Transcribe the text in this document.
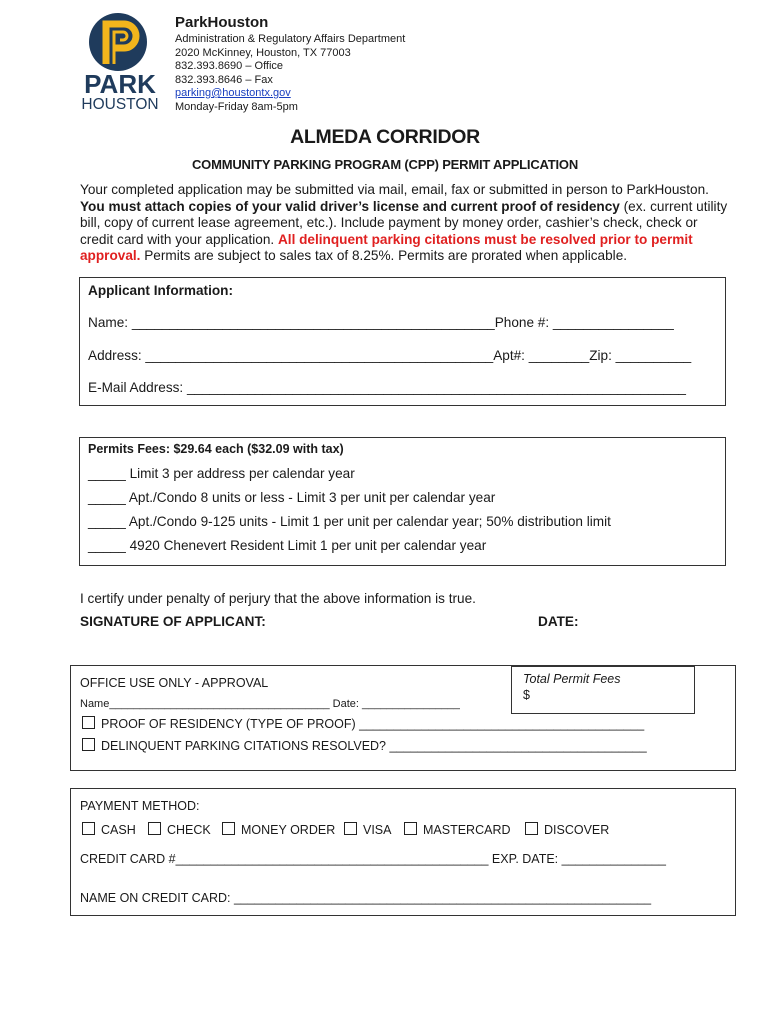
PARK
HOUSTON
ParkHouston
Administration & Regulatory Affairs Department
2020 McKinney, Houston, TX 77003
832.393.8690 – Office
832.393.8646 – Fax
parking@houstontx.gov
Monday-Friday 8am-5pm
ALMEDA CORRIDOR
COMMUNITY PARKING PROGRAM (CPP) PERMIT APPLICATION
Your completed application may be submitted via mail, email, fax or submitted in person to ParkHouston. You must attach copies of your valid driver’s license and current proof of residency (ex. current utility bill, copy of current lease agreement, etc.). Include payment by money order, cashier’s check, check or credit card with your application. All delinquent parking citations must be resolved prior to permit approval. Permits are subject to sales tax of 8.25%. Permits are prorated when applicable.
Applicant Information:
Name: ________________________________________________Phone #: ________________
Address: ______________________________________________Apt#: ________Zip: __________
E-Mail Address: __________________________________________________________________
Permits Fees: $29.64 each ($32.09 with tax)
_____ Limit 3 per address per calendar year
_____ Apt./Condo 8 units or less - Limit 3 per unit per calendar year
_____ Apt./Condo 9-125 units - Limit 1 per unit per calendar year; 50% distribution limit
_____ 4920 Chenevert Resident Limit 1 per unit per calendar year
I certify under penalty of perjury that the above information is true.
SIGNATURE OF APPLICANT:	DATE:
OFFICE USE ONLY - APPROVAL
Name____________________________________ Date: ________________
PROOF OF RESIDENCY (TYPE OF PROOF) _________________________________________
DELINQUENT PARKING CITATIONS RESOLVED? _____________________________________
Total Permit Fees
$
PAYMENT METHOD:
CASH	CHECK	MONEY ORDER	VISA	MASTERCARD	DISCOVER
CREDIT CARD #_____________________________________________ EXP. DATE: _______________
NAME ON CREDIT CARD: ____________________________________________________________
